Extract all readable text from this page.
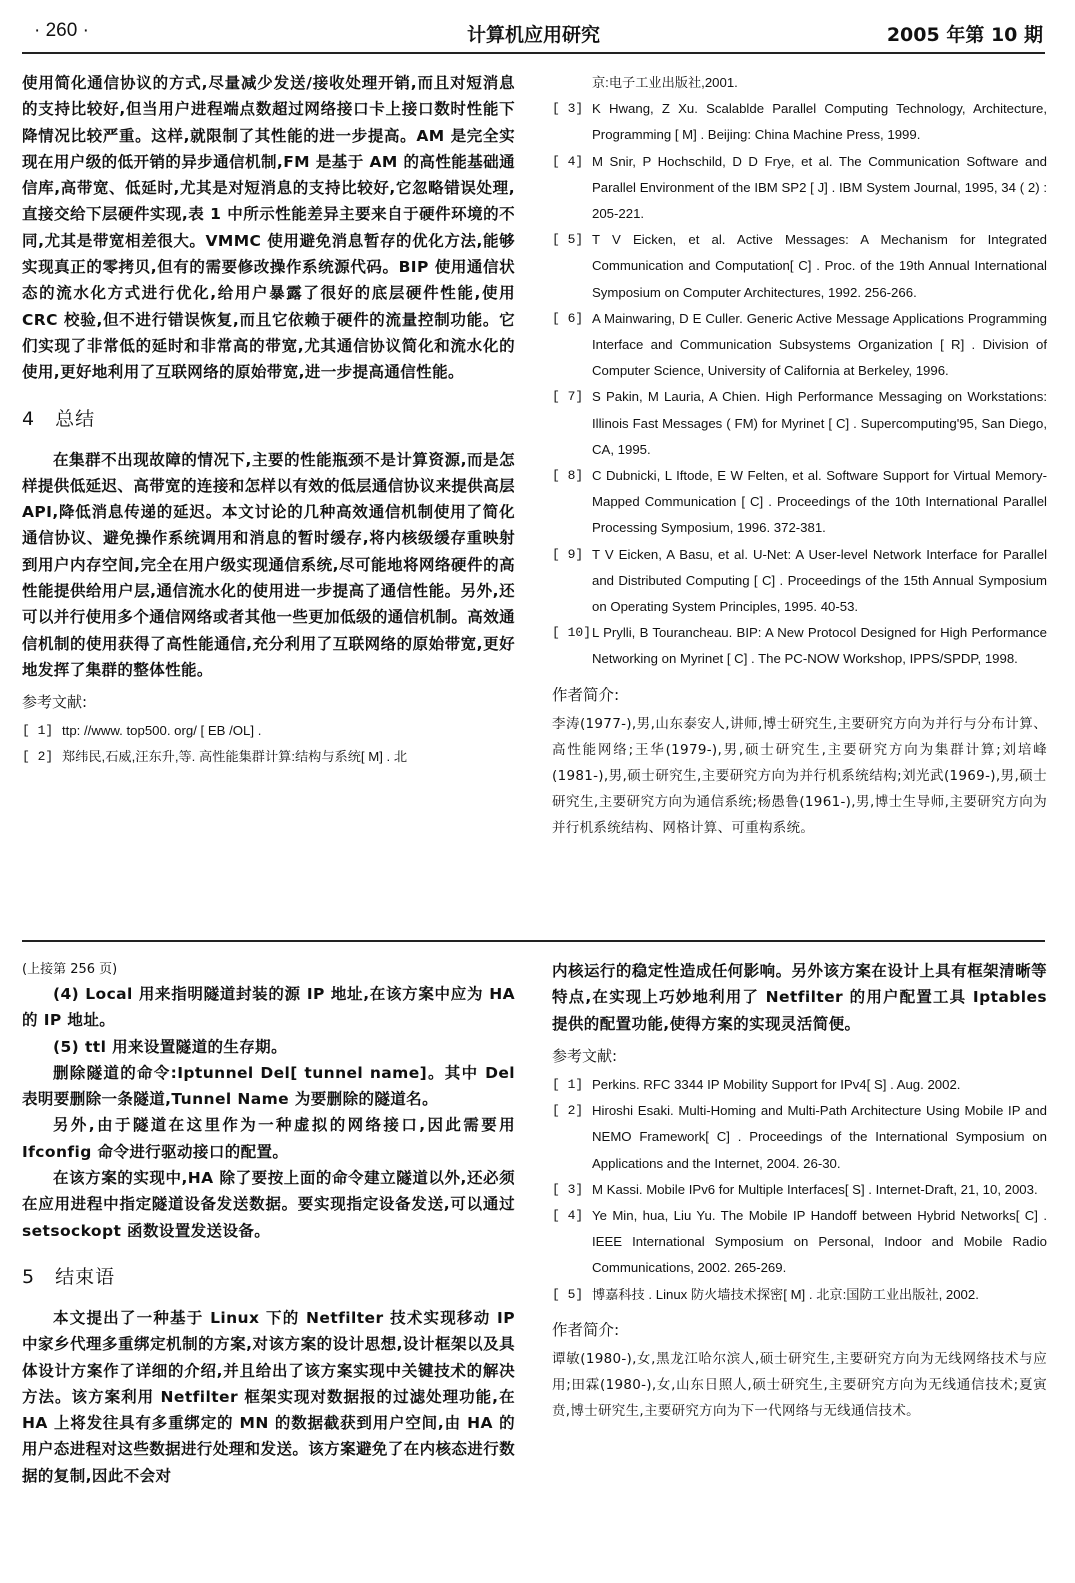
· 260 ·	计算机应用研究	2005 年第 10 期

使用简化通信协议的方式,尽量减少发送/接收处理开销,而且对短消息的支持比较好,但当用户进程端点数超过网络接口卡上接口数时性能下降情况比较严重。这样,就限制了其性能的进一步提高。AM 是完全实现在用户级的低开销的异步通信机制,FM 是基于 AM 的高性能基础通信库,高带宽、低延时,尤其是对短消息的支持比较好,它忽略错误处理,直接交给下层硬件实现,表 1 中所示性能差异主要来自于硬件环境的不同,尤其是带宽相差很大。VMMC 使用避免消息暂存的优化方法,能够实现真正的零拷贝,但有的需要修改操作系统源代码。BIP 使用通信状态的流水化方式进行优化,给用户暴露了很好的底层硬件性能,使用 CRC 校验,但不进行错误恢复,而且它依赖于硬件的流量控制功能。它们实现了非常低的延时和非常高的带宽,尤其通信协议简化和流水化的使用,更好地利用了互联网络的原始带宽,进一步提高通信性能。

4 总结

在集群不出现故障的情况下,主要的性能瓶颈不是计算资源,而是怎样提供低延迟、高带宽的连接和怎样以有效的低层通信协议来提供高层 API,降低消息传递的延迟。本文讨论的几种高效通信机制使用了简化通信协议、避免操作系统调用和消息的暂时缓存,将内核级缓存重映射到用户内存空间,完全在用户级实现通信系统,尽可能地将网络硬件的高性能提供给用户层,通信流水化的使用进一步提高了通信性能。另外,还可以并行使用多个通信网络或者其他一些更加低级的通信机制。高效通信机制的使用获得了高性能通信,充分利用了互联网络的原始带宽,更好地发挥了集群的整体性能。

参考文献:

[ 1] ttp: //www. top500. org/ [ EB /OL] .

[ 2] 郑纬民,石威,汪东升,等. 高性能集群计算:结构与系统[ M] . 北

京:电子工业出版社,2001.

[ 3] K Hwang, Z Xu. Scalablde Parallel Computing Technology, Architecture, Programming [ M] . Beijing: China Machine Press, 1999.

[ 4] M Snir, P Hochschild, D D Frye, et al. The Communication Software and Parallel Environment of the IBM SP2 [ J] . IBM System Journal, 1995, 34 ( 2) : 205-221.

[ 5] T V Eicken, et al. Active Messages: A Mechanism for Integrated Communication and Computation[ C] . Proc. of the 19th Annual International Symposium on Computer Architectures, 1992. 256-266.

[ 6] A Mainwaring, D E Culler. Generic Active Message Applications Programming Interface and Communication Subsystems Organization [ R] . Division of Computer Science, University of California at Berkeley, 1996.

[ 7] S Pakin, M Lauria, A Chien. High Performance Messaging on Workstations: Illinois Fast Messages ( FM) for Myrinet [ C] . Supercomputing'95, San Diego, CA, 1995.

[ 8] C Dubnicki, L Iftode, E W Felten, et al. Software Support for Virtual Memory-Mapped Communication [ C] . Proceedings of the 10th International Parallel Processing Symposium, 1996. 372-381.

[ 9] T V Eicken, A Basu, et al. U-Net: A User-level Network Interface for Parallel and Distributed Computing [ C] . Proceedings of the 15th Annual Symposium on Operating System Principles, 1995. 40-53.

[ 10] L Prylli, B Tourancheau. BIP: A New Protocol Designed for High Performance Networking on Myrinet [ C] . The PC-NOW Workshop, IPPS/SPDP, 1998.

作者简介:

李涛(1977-),男,山东泰安人,讲师,博士研究生,主要研究方向为并行与分布计算、高性能网络;王华(1979-),男,硕士研究生,主要研究方向为集群计算;刘培峰(1981-),男,硕士研究生,主要研究方向为并行机系统结构;刘光武(1969-),男,硕士研究生,主要研究方向为通信系统;杨愚鲁(1961-),男,博士生导师,主要研究方向为并行机系统结构、网格计算、可重构系统。

(上接第 256 页)

(4) Local 用来指明隧道封装的源 IP 地址,在该方案中应为 HA 的 IP 地址。

(5) ttl 用来设置隧道的生存期。

删除隧道的命令:Iptunnel Del[ tunnel name]。其中 Del 表明要删除一条隧道,Tunnel Name 为要删除的隧道名。

另外,由于隧道在这里作为一种虚拟的网络接口,因此需要用 Ifconfig 命令进行驱动接口的配置。

在该方案的实现中,HA 除了要按上面的命令建立隧道以外,还必须在应用进程中指定隧道设备发送数据。要实现指定设备发送,可以通过 setsockopt 函数设置发送设备。

5 结束语

本文提出了一种基于 Linux 下的 Netfilter 技术实现移动 IP 中家乡代理多重绑定机制的方案,对该方案的设计思想,设计框架以及具体设计方案作了详细的介绍,并且给出了该方案实现中关键技术的解决方法。该方案利用 Netfilter 框架实现对数据报的过滤处理功能,在 HA 上将发往具有多重绑定的 MN 的数据截获到用户空间,由 HA 的用户态进程对这些数据进行处理和发送。该方案避免了在内核态进行数据的复制,因此不会对

内核运行的稳定性造成任何影响。另外该方案在设计上具有框架清晰等特点,在实现上巧妙地利用了 Netfilter 的用户配置工具 Iptables 提供的配置功能,使得方案的实现灵活简便。

参考文献:

[ 1] Perkins. RFC 3344 IP Mobility Support for IPv4[ S] . Aug. 2002.

[ 2] Hiroshi Esaki. Multi-Homing and Multi-Path Architecture Using Mobile IP and NEMO Framework[ C] . Proceedings of the International Symposium on Applications and the Internet, 2004. 26-30.

[ 3] M Kassi. Mobile IPv6 for Multiple Interfaces[ S] . Internet-Draft, 21, 10, 2003.

[ 4] Ye Min, hua, Liu Yu. The Mobile IP Handoff between Hybrid Networks[ C] . IEEE International Symposium on Personal, Indoor and Mobile Radio Communications, 2002. 265-269.

[ 5] 博嘉科技 . Linux 防火墙技术探密[ M] . 北京:国防工业出版社, 2002.

作者简介:

谭敏(1980-),女,黑龙江哈尔滨人,硕士研究生,主要研究方向为无线网络技术与应用;田霖(1980-),女,山东日照人,硕士研究生,主要研究方向为无线通信技术;夏寅贲,博士研究生,主要研究方向为下一代网络与无线通信技术。
